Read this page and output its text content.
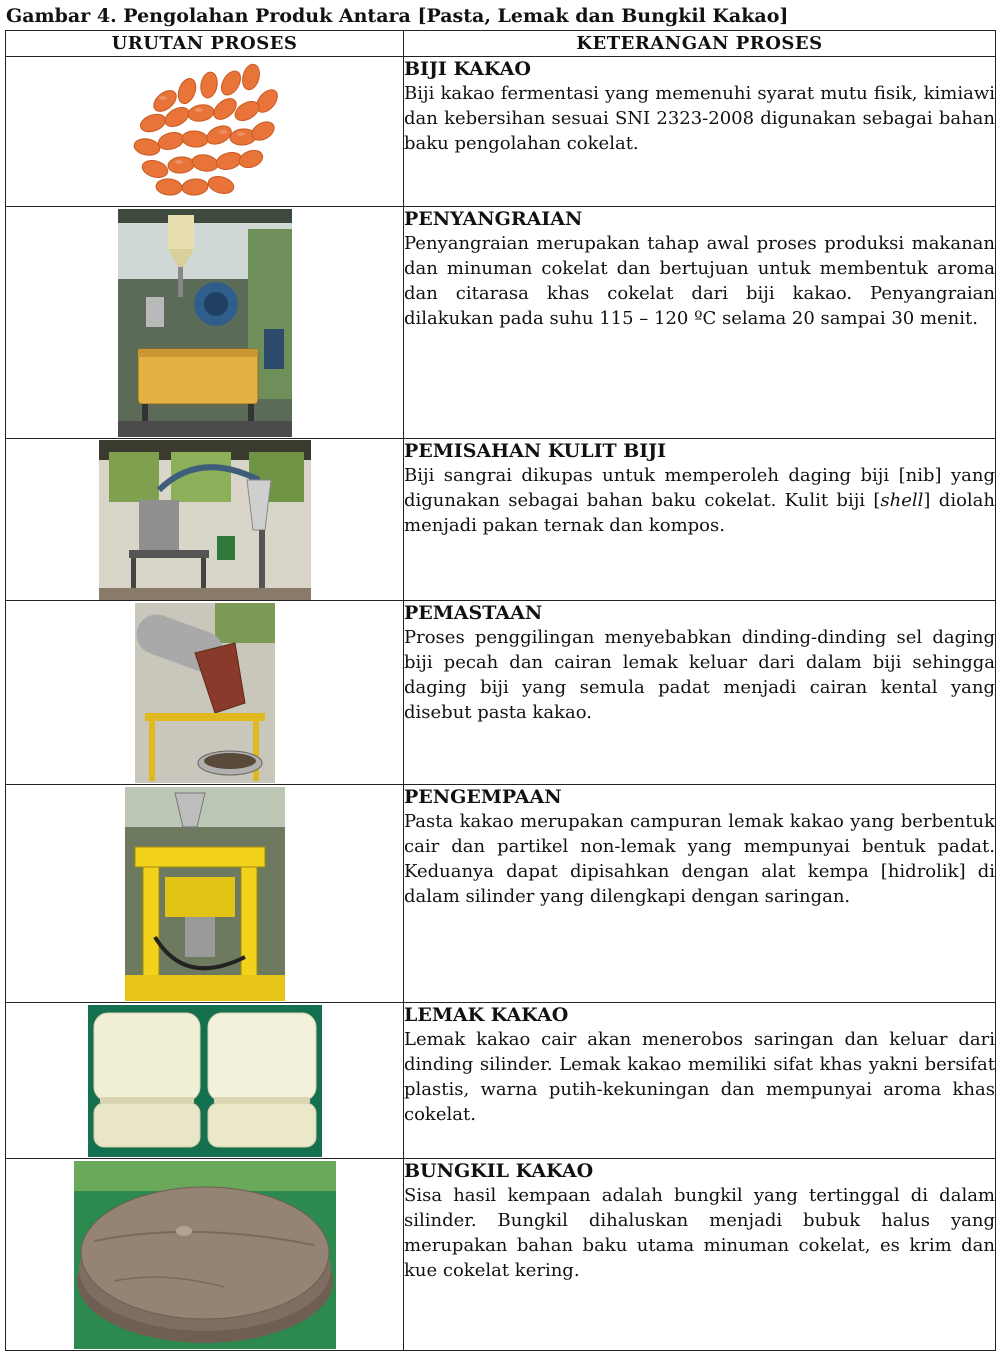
Gambar 4. Pengolahan Produk Antara [Pasta, Lemak dan Bungkil Kakao]
URUTAN PROSES	KETERANGAN PROSES

BIJI KAKAO
Biji kakao fermentasi yang memenuhi syarat mutu fisik, kimiawi dan kebersihan sesuai SNI 2323-2008 digunakan sebagai bahan baku pengolahan cokelat.

PENYANGRAIAN
Penyangraian merupakan tahap awal proses produksi makanan dan minuman cokelat dan bertujuan untuk membentuk aroma dan citarasa khas cokelat dari biji kakao. Penyangraian dilakukan pada suhu 115 – 120 ºC selama 20 sampai 30 menit.

PEMISAHAN KULIT BIJI
Biji sangrai dikupas untuk memperoleh daging biji [nib] yang digunakan sebagai bahan baku cokelat. Kulit biji [shell] diolah menjadi pakan ternak dan kompos.

PEMASTAAN
Proses penggilingan menyebabkan dinding-dinding sel daging biji pecah dan cairan lemak keluar dari dalam biji sehingga daging biji yang semula padat menjadi cairan kental yang disebut pasta kakao.

PENGEMPAAN
Pasta kakao merupakan campuran lemak kakao yang berbentuk cair dan partikel non-lemak yang mempunyai bentuk padat. Keduanya dapat dipisahkan dengan alat kempa [hidrolik] di dalam silinder yang dilengkapi dengan saringan.

LEMAK KAKAO
Lemak kakao cair akan menerobos saringan dan keluar dari dinding silinder. Lemak kakao memiliki sifat khas yakni bersifat plastis, warna putih-kekuningan dan mempunyai aroma khas cokelat.

BUNGKIL KAKAO
Sisa hasil kempaan adalah bungkil yang tertinggal di dalam silinder. Bungkil dihaluskan menjadi bubuk halus yang merupakan bahan baku utama minuman cokelat, es krim dan kue cokelat kering.
